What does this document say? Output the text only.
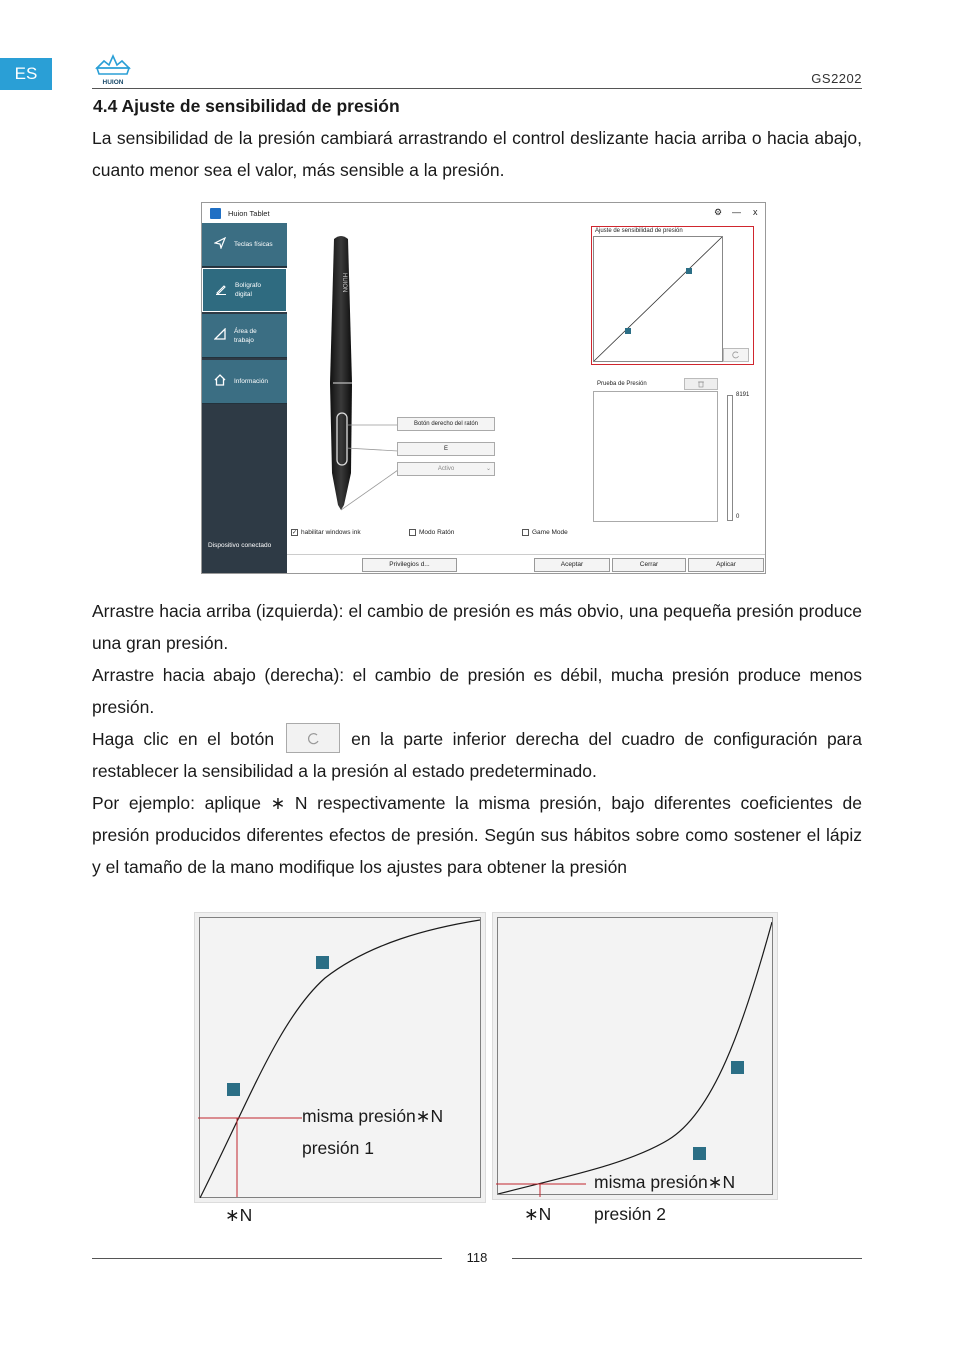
ES	HUION	GS2202
4.4 Ajuste de sensibilidad de presión
La sensibilidad de la presión cambiará arrastrando el control deslizante hacia arriba o hacia abajo, cuanto menor sea el valor, más sensible a la presión.
Huion Tablet	⚙ — x
Teclas físicas
Bolígrafo digital
Área de trabajo
Información
Dispositivo conectado
HUION
Botón derecho del ratón
E
Activo	⌄
Ajuste de sensibilidad de presión
Prueba de Presión
8191
0
✓ habilitar windows ink	Modo Ratón	Game Mode
Privilegios d...	Aceptar	Cerrar	Aplicar

Arrastre hacia arriba (izquierda): el cambio de presión es más obvio, una pequeña presión produce una gran presión.

Arrastre hacia abajo (derecha): el cambio de presión es débil, mucha presión produce menos presión.

Haga clic en el botón	en la parte inferior derecha del cuadro de configuración para restablecer la sensibilidad a la presión al estado predeterminado.

Por ejemplo: aplique ∗ N respectivamente la misma presión, bajo diferentes coeficientes de presión producidos diferentes efectos de presión. Según sus hábitos sobre como sostener el lápiz y el tamaño de la mano modifique los ajustes para obtener la presión

misma presión∗N
presión 1
∗N
misma presión∗N
presión 2
∗N
118
